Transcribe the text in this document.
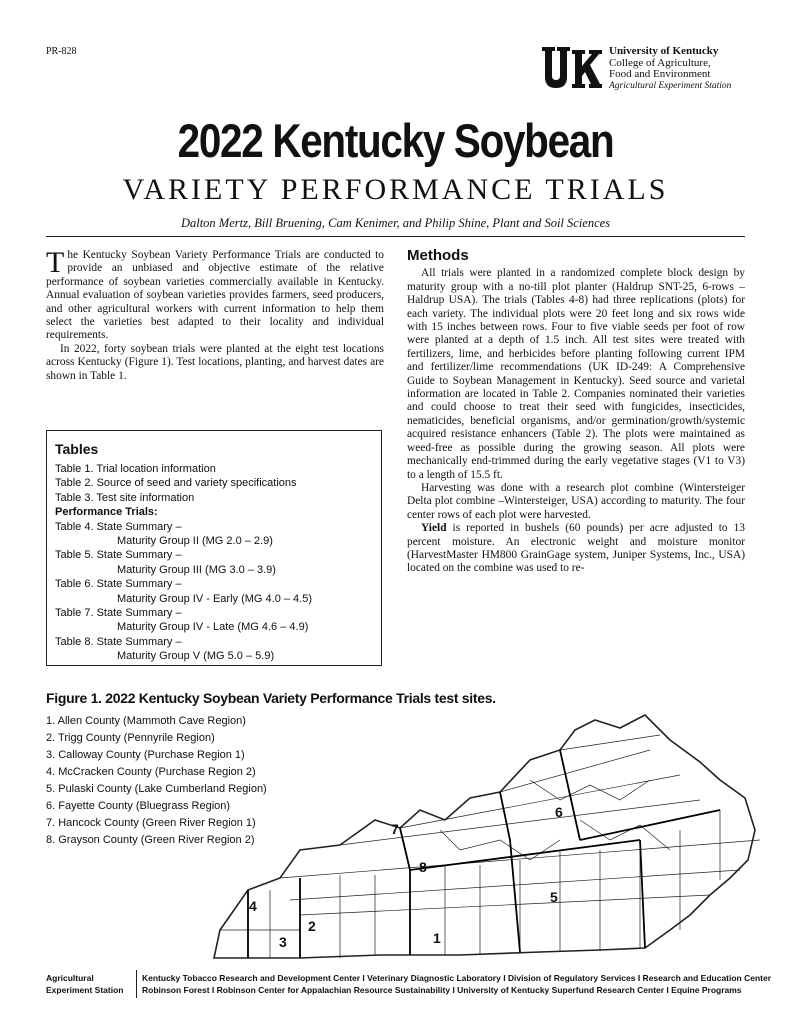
PR-828	University of Kentucky
College of Agriculture,
Food and Environment
Agricultural Experiment Station
2022 Kentucky Soybean
VARIETY PERFORMANCE TRIALS
Dalton Mertz, Bill Bruening, Cam Kenimer, and Philip Shine, Plant and Soil Sciences

The Kentucky Soybean Variety Performance Trials are conducted to provide an unbiased and objective estimate of the relative performance of soybean varieties commercially available in Kentucky. Annual evaluation of soybean varieties provides farmers, seed producers, and other agricultural workers with current information to help them select the varieties best adapted to their locality and individual requirements.

In 2022, forty soybean trials were planted at the eight test locations across Kentucky (Figure 1). Test locations, planting, and harvest dates are shown in Table 1.

Tables
Table 1. Trial location information
Table 2. Source of seed and variety specifications
Table 3. Test site information
Performance Trials:
Table 4. State Summary –
Maturity Group II (MG 2.0 – 2.9)
Table 5. State Summary –
Maturity Group III (MG 3.0 – 3.9)
Table 6. State Summary –
Maturity Group IV - Early (MG 4.0 – 4.5)
Table 7. State Summary –
Maturity Group IV - Late (MG 4.6 – 4.9)
Table 8. State Summary –
Maturity Group V (MG 5.0 – 5.9)
Methods

All trials were planted in a randomized complete block design by maturity group with a no-till plot planter (Haldrup SNT-25, 6-rows – Haldrup USA). The trials (Tables 4-8) had three replications (plots) for each variety. The individual plots were 20 feet long and six rows wide with 15 inches between rows. Four to five viable seeds per foot of row were planted at a depth of 1.5 inch. All test sites were treated with fertilizers, lime, and herbicides before planting following current IPM and fertilizer/lime recommendations (UK ID-249: A Comprehensive Guide to Soybean Management in Kentucky). Seed source and varietal information are located in Table 2. Companies nominated their varieties and could choose to treat their seed with fungicides, insecticides, nematicides, beneficial organisms, and/or germination/growth/systemic acquired resistance enhancers (Table 2). The plots were maintained as weed-free as possible during the growing season. All plots were mechanically end-trimmed during the early vegetative stages (V1 to V3) to a length of 15.5 ft.

Harvesting was done with a research plot combine (Wintersteiger Delta plot combine –Wintersteiger, USA) according to maturity. The four center rows of each plot were harvested.

Yield is reported in bushels (60 pounds) per acre adjusted to 13 percent moisture. An electronic weight and moisture monitor (HarvestMaster HM800 GrainGage system, Juniper Systems, Inc., USA) located on the combine was used to re-

Figure 1. 2022 Kentucky Soybean Variety Performance Trials test sites.
1. Allen County (Mammoth Cave Region)
2. Trigg County (Pennyrile Region)
3. Calloway County (Purchase Region 1)
4. McCracken County (Purchase Region 2)
5. Pulaski County (Lake Cumberland Region)
6. Fayette County (Bluegrass Region)
7. Hancock County (Green River Region 1)
8. Grayson County (Green River Region 2)
1
2
3
4
5
6
7
8
Agricultural
Experiment Station
Kentucky Tobacco Research and Development Center I Veterinary Diagnostic Laboratory I Division of Regulatory Services I Research and Education Center
Robinson Forest I Robinson Center for Appalachian Resource Sustainability I University of Kentucky Superfund Research Center I Equine Programs
